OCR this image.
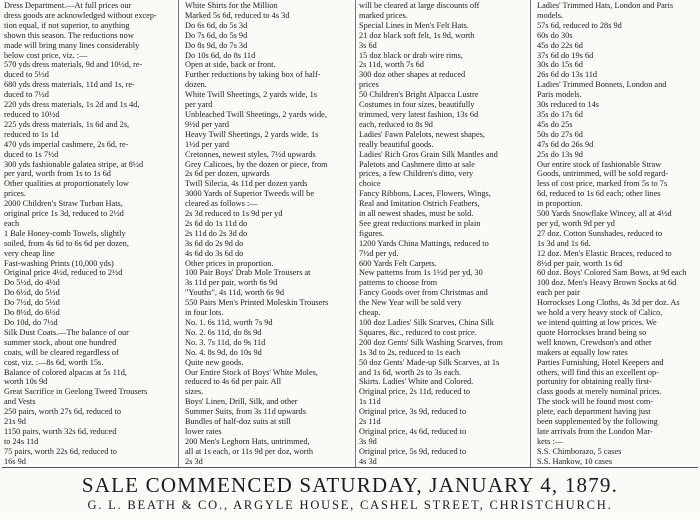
Dress Department.—At full prices our

dress goods are acknowledged without excep-

tion equal, if not superior, to anything

shown this season. The reductions now

made will bring many lines considerably

below cost price, viz. :—

570 yds dress materials, 9d and 10½d, re-

duced to 5½d

680 yds dress materials, 11d and 1s, re-

duced to 7½d

220 yds dress materials, 1s 2d and 1s 4d,

reduced to 10½d

225 yds dress materials, 1s 6d and 2s,

reduced to 1s 1d

470 yds imperial cashmere, 2s 6d, re-

duced to 1s 7½d

300 yds fashionable galatea stripe, at 8½d

per yard, worth from 1s to 1s 6d

Other qualities at proportionately low

prices.

2000 Children's Straw Turban Hats,

original price 1s 3d, reduced to 2½d

each

1 Bale Honey-comb Towels, slightly

soiled, from 4s 6d to 6s 6d per dozen,

very cheap line

Fast-washing Prints (10,000 yds)

Original price 4½d, reduced to 2½d

Do 5½d, do 4½d

Do 6½d, do 5½d

Do 7½d, do 5½d

Do 8½d, do 6½d

Do 10d, do 7½d

Silk Dust Coats.—The balance of our

summer stock, about one hundred

coats, will be cleared regardless of

cost, viz. :—8s 6d, worth 15s.

Balance of colored alpacas at 5s 11d,

worth 10s 9d

Great Sacrifice in Geelong Tweed Trousers

and Vests

250 pairs, worth 27s 6d, reduced to

21s 9d

1150 pairs, worth 32s 6d, reduced

to 24s 11d

75 pairs, worth 22s 6d, reduced to

16s 9d

White Shirts for the Million

Marked 5s 6d, reduced to 4s 3d

Do 6s 6d, do 5s 3d

Do 7s 6d, do 5s 9d

Do 8s 9d, do 7s 3d

Do 10s 6d, do 8s 11d

Open at side, back or front.

Further reductions by taking box of half-

dozen.

White Twill Sheetings, 2 yards wide, 1s

per yard

Unbleached Twill Sheetings, 2 yards wide,

9½d per yard

Heavy Twill Sheetings, 2 yards wide, 1s

1½d per yard

Cretonnes, newest styles, 7½d upwards

Grey Calicoes, by the dozen or piece, from

2s 6d per dozen, upwards

Twill Silecia, 4s 11d per dozen yards

3000 Yards of Superior Tweeds will be

cleared as follows :—

2s 3d reduced to 1s 9d per yd

2s 6d do 1s 11d do

2s 11d do 2s 3d do

3s 6d do 2s 9d do

4s 6d do 3s 6d do

Other prices in proportion.

100 Pair Boys' Drab Mole Trousers at

3s 11d per pair, worth 6s 9d

"Youths", 4s 11d, worth 6s 9d

550 Pairs Men's Printed Moleskin Trousers

in four lots.

No. 1. 6s 11d, worth 7s 9d

No. 2. 6s 11d, do 8s 9d

No. 3. 7s 11d, do 9s 11d

No. 4. 8s 9d, do 10s 9d

Quite new goods.

Our Entire Stock of Boys' White Moles,

reduced to 4s 6d per pair. All

sizes.

Boys' Linen, Drill, Silk, and other

Summer Suits, from 3s 11d upwards

Bundles of half-doz suits at still

lower rates

200 Men's Leghorn Hats, untrimmed,

all at 1s each, or 11s 9d per doz, worth

2s 3d

will be cleared at large discounts off

marked prices.

Special Lines in Men's Felt Hats.

21 doz black soft felt, 1s 9d, worth

3s 6d

15 doz black or drab wire rims,

2s 11d, worth 7s 6d

300 doz other shapes at reduced

prices

50 Children's Bright Alpacca Lustre

Costumes in four sizes, beautifully

trimmed, very latest fashion, 13s 6d

each, reduced to 8s 9d

Ladies' Fawn Palelots, newest shapes,

really beautiful goods.

Ladies' Rich Gros Grain Silk Mantles and

Paletots and Cashmere ditto at sale

prices, a few Children's ditto, very

choice

Fancy Ribbons, Laces, Flowers, Wings,

Real and Imitation Ostrich Feathers,

in all newest shades, must be sold.

See great reductions marked in plain

figures.

1200 Yards China Mattings, reduced to

7½d per yd.

600 Yards Felt Carpets.

New patterns from 1s 1½d per yd, 30

patterns to choose from

Fancy Goods over from Christmas and

the New Year will be sold very

cheap.

100 doz Ladies' Silk Scarves, China Silk

Squares, &c., reduced to cost price.

200 doz Gents' Silk Washing Scarves, from

1s 3d to 2s, reduced to 1s each

50 doz Gents' Made-up Silk Scarves, at 1s

and 1s 6d, worth 2s to 3s each.

Skirts. Ladies' White and Colored.

Original price, 2s 11d, reduced to

1s 11d

Original price, 3s 9d, reduced to

2s 11d

Original price, 4s 6d, reduced to

3s 9d

Original price, 5s 9d, reduced to

4s 3d

Ladies' Trimmed Hats, London and Paris

models.

57s 6d, reduced to 28s 9d

60s do 30s

45s do 22s 6d

37s 6d do 19s 6d

30s do 15s 6d

26s 6d do 13s 11d

Ladies' Trimmed Bonnets, London and

Paris models.

30s reduced to 14s

35s do 17s 6d

45s do 25s

50s do 27s 6d

47s 6d do 26s 9d

25s do 13s 9d

Our entire stock of fashionable Straw

Goods, untrimmed, will be sold regard-

less of cost price, marked from 5s to 7s

6d, reduced to 1s 6d each; other lines

in proportion.

500 Yards Snowflake Wincey, all at 4½d

per yd, worth 9d per yd

27 doz. Cotton Sunshades, reduced to

1s 3d and 1s 6d.

12 doz. Men's Elastic Braces, reduced to

8½d per pair, worth 1s 6d

60 doz. Boys' Colored Sam Bows, at 9d each

100 doz. Men's Heavy Brown Socks at 6d

each per pair

Horrockses Long Cloths, 4s 3d per doz. As

we hold a very heavy stock of Calico,

we intend quitting at low prices. We

quote Horrockses brand being so

well known, Crewdson's and other

makers at equally low rates

Parties Furnishing, Hotel Keepers and

others, will find this an excellent op-

portunity for obtaining really first-

class goods at merely nominal prices.

The stock will be found most com-

plete, each department having just

been supplemented by the following

late arrivals from the London Mar-

kets :—

S.S. Chimborazo, 5 cases

S.S. Hankow, 10 cases

SALE COMMENCED SATURDAY, JANUARY 4, 1879.
G. L. BEATH & CO., ARGYLE HOUSE, CASHEL STREET, CHRISTCHURCH.
